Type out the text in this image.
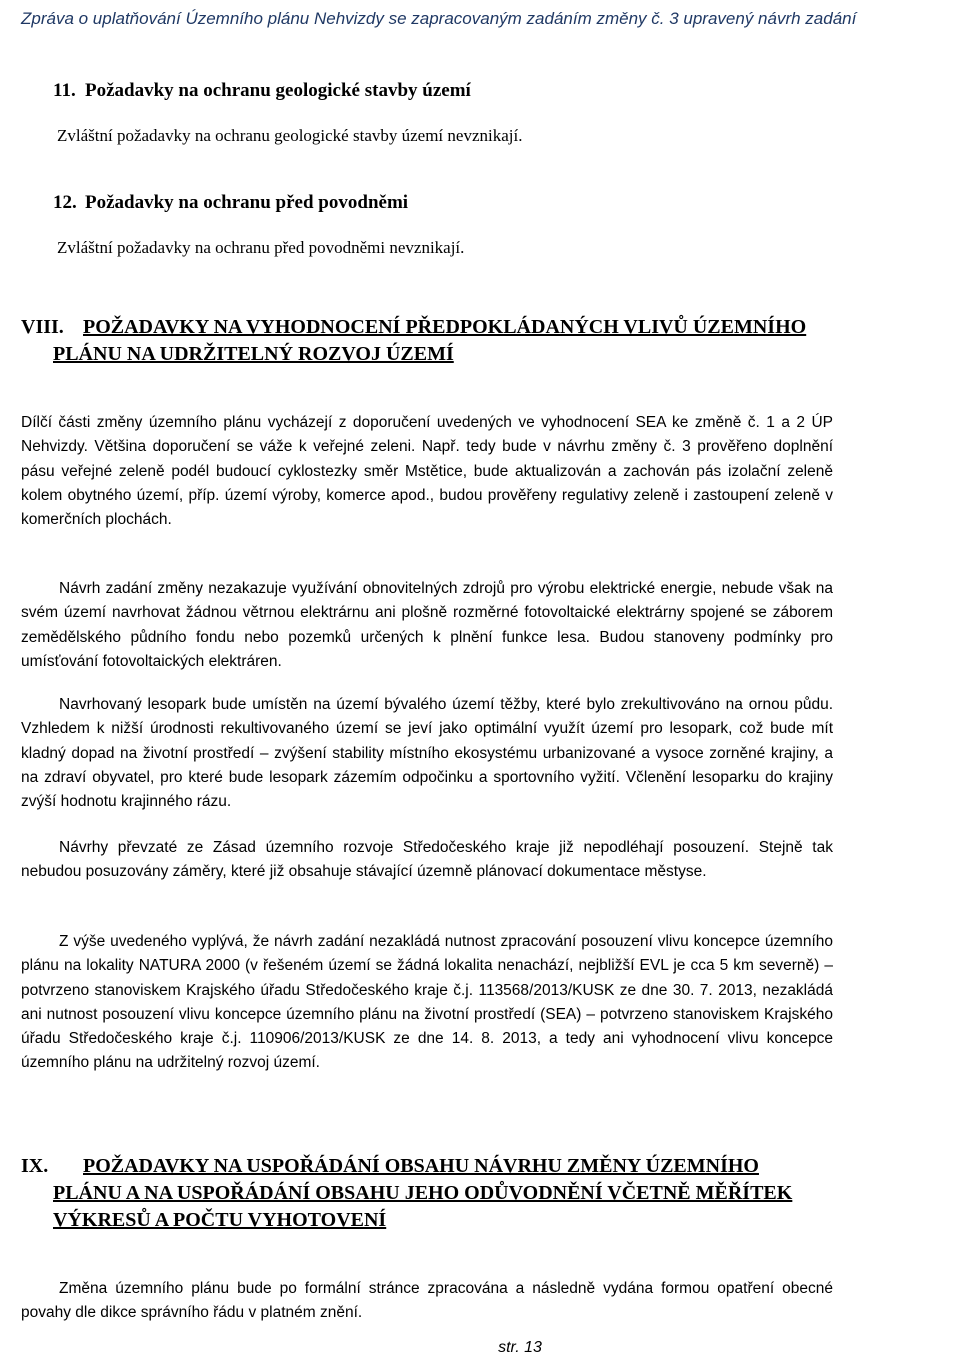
Zpráva o uplatňování Územního plánu Nehvizdy se zapracovaným zadáním změny č. 3 upravený návrh zadání
11. Požadavky na ochranu geologické stavby území
Zvláštní požadavky na ochranu geologické stavby území nevznikají.
12. Požadavky na ochranu před povodněmi
Zvláštní požadavky na ochranu před povodněmi nevznikají.
VIII. POŽADAVKY NA VYHODNOCENÍ PŘEDPOKLÁDANÝCH VLIVŮ ÚZEMNÍHO PLÁNU NA UDRŽITELNÝ ROZVOJ ÚZEMÍ

Dílčí části změny územního plánu vycházejí z doporučení uvedených ve vyhodnocení SEA ke změně č. 1 a 2 ÚP Nehvizdy. Většina doporučení se váže k veřejné zeleni. Např. tedy bude v návrhu změny č. 3 prověřeno doplnění pásu veřejné zeleně podél budoucí cyklostezky směr Mstětice, bude aktualizován a zachován pás izolační zeleně kolem obytného území, příp. území výroby, komerce apod., budou prověřeny regulativy zeleně i zastoupení zeleně v komerčních plochách.

Návrh zadání změny nezakazuje využívání obnovitelných zdrojů pro výrobu elektrické energie, nebude však na svém území navrhovat žádnou větrnou elektrárnu ani plošně rozměrné fotovoltaické elektrárny spojené se záborem zemědělského půdního fondu nebo pozemků určených k plnění funkce lesa. Budou stanoveny podmínky pro umísťování fotovoltaických elektráren.

Navrhovaný lesopark bude umístěn na území bývalého území těžby, které bylo zrekultivováno na ornou půdu. Vzhledem k nižší úrodnosti rekultivovaného území se jeví jako optimální využít území pro lesopark, což bude mít kladný dopad na životní prostředí – zvýšení stability místního ekosystému urbanizované a vysoce zorněné krajiny, a na zdraví obyvatel, pro které bude lesopark zázemím odpočinku a sportovního vyžití. Včlenění lesoparku do krajiny zvýší hodnotu krajinného rázu.

Návrhy převzaté ze Zásad územního rozvoje Středočeského kraje již nepodléhají posouzení. Stejně tak nebudou posuzovány záměry, které již obsahuje stávající územně plánovací dokumentace městyse.

Z výše uvedeného vyplývá, že návrh zadání nezakládá nutnost zpracování posouzení vlivu koncepce územního plánu na lokality NATURA 2000 (v řešeném území se žádná lokalita nenachází, nejbližší EVL je cca 5 km severně) – potvrzeno stanoviskem Krajského úřadu Středočeského kraje č.j. 113568/2013/KUSK ze dne 30. 7. 2013, nezakládá ani nutnost posouzení vlivu koncepce územního plánu na životní prostředí (SEA) – potvrzeno stanoviskem Krajského úřadu Středočeského kraje č.j. 110906/2013/KUSK ze dne 14. 8. 2013, a tedy ani vyhodnocení vlivu koncepce územního plánu na udržitelný rozvoj území.

IX.	POŽADAVKY NA USPOŘÁDÁNÍ OBSAHU NÁVRHU ZMĚNY ÚZEMNÍHO PLÁNU A NA USPOŘÁDÁNÍ OBSAHU JEHO ODŮVODNĚNÍ VČETNĚ MĚŘÍTEK VÝKRESŮ A POČTU VYHOTOVENÍ

Změna územního plánu bude po formální stránce zpracována a následně vydána formou opatření obecné povahy dle dikce správního řádu v platném znění.

str. 13
